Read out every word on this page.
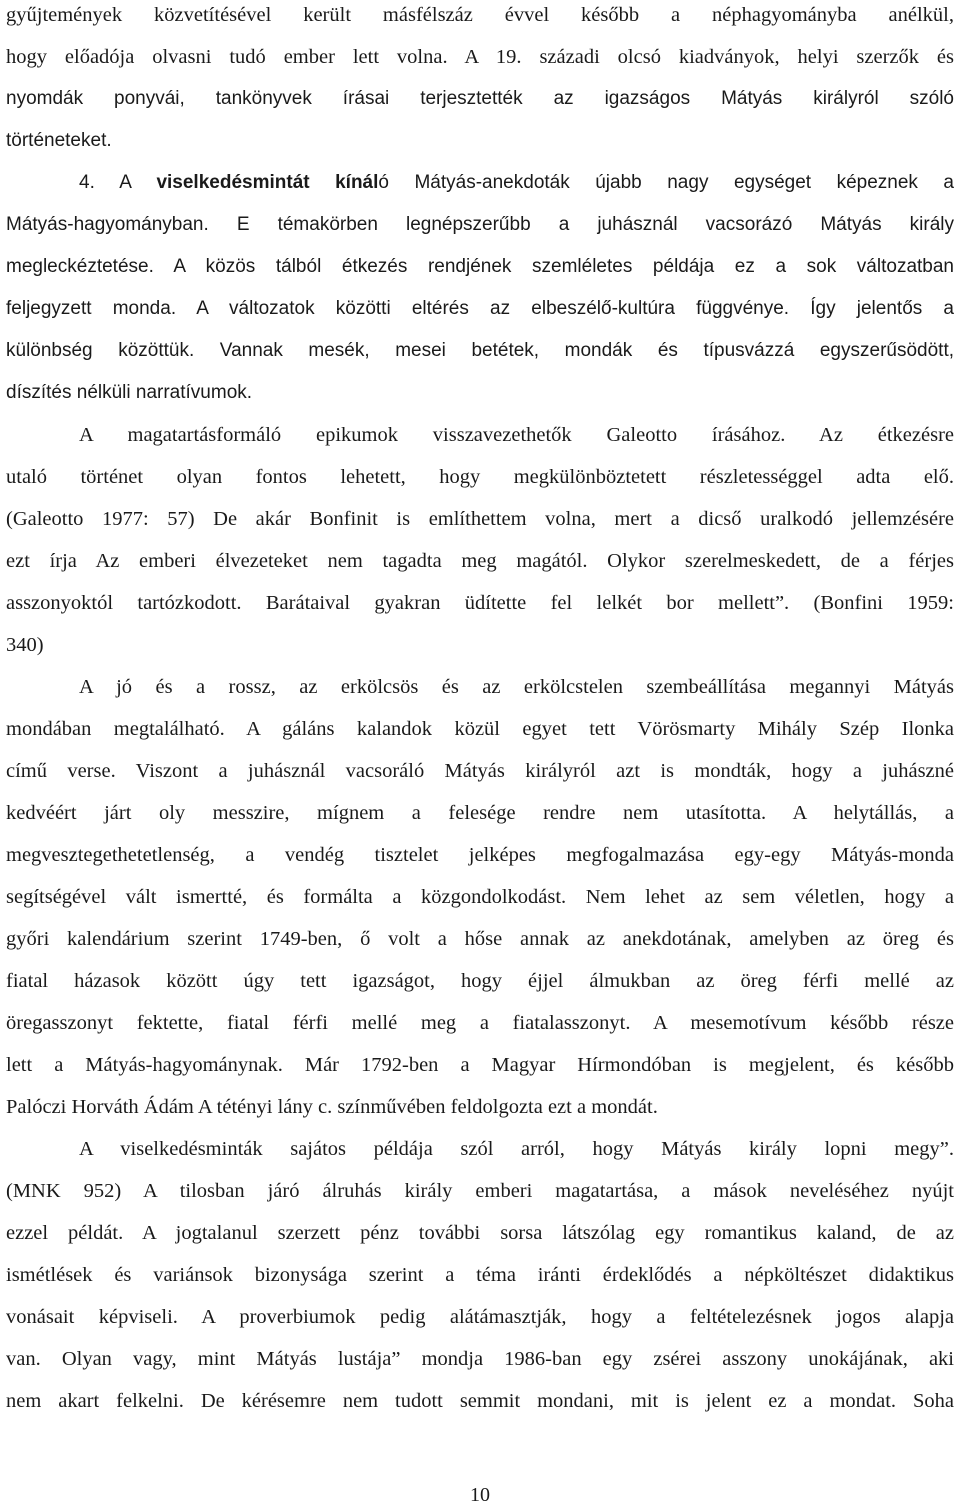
gyűjtemények közvetítésével került másfélszáz évvel később a néphagyományba anélkül,
hogy előadója olvasni tudó ember lett volna. A 19. századi olcsó kiadványok, helyi szerzők és
nyomdák ponyvái, tankönyvek írásai terjesztették az igazságos Mátyás királyról szóló
történeteket.
4. A viselkedésmintát kínáló Mátyás-anekdoták újabb nagy egységet képeznek a
Mátyás-hagyományban. E témakörben legnépszerűbb a juhásznál vacsorázó Mátyás király
megleckéztetése. A közös tálból étkezés rendjének szemléletes példája ez a sok változatban
feljegyzett monda. A változatok közötti eltérés az elbeszélő-kultúra függvénye. Így jelentős a
különbség közöttük. Vannak mesék, mesei betétek, mondák és típusvázzá egyszerűsödött,
díszítés nélküli narratívumok.
A magatartásformáló epikumok visszavezethetők Galeotto írásához. Az étkezésre
utaló történet olyan fontos lehetett, hogy megkülönböztetett részletességgel adta elő.
(Galeotto 1977: 57) De akár Bonfinit is említhettem volna, mert a dicső uralkodó jellemzésére
ezt írja Az emberi élvezeteket nem tagadta meg magától. Olykor szerelmeskedett, de a férjes
asszonyoktól tartózkodott. Barátaival gyakran üdítette fel lelkét bor mellett”. (Bonfini 1959:
340)
A jó és a rossz, az erkölcsös és az erkölcstelen szembeállítása megannyi Mátyás
mondában megtalálható. A gáláns kalandok közül egyet tett Vörösmarty Mihály Szép Ilonka
című verse. Viszont a juhásznál vacsoráló Mátyás királyról azt is mondták, hogy a juhászné
kedvéért járt oly messzire, mígnem a felesége rendre nem utasította. A helytállás, a
megvesztegethetetlenség, a vendég tisztelet jelképes megfogalmazása egy-egy Mátyás-monda
segítségével vált ismertté, és formálta a közgondolkodást. Nem lehet az sem véletlen, hogy a
győri kalendárium szerint 1749-ben, ő volt a hőse annak az anekdotának, amelyben az öreg és
fiatal házasok között úgy tett igazságot, hogy éjjel álmukban az öreg férfi mellé az
öregasszonyt fektette, fiatal férfi mellé meg a fiatalasszonyt. A mesemotívum később része
lett a Mátyás-hagyománynak. Már 1792-ben a Magyar Hírmondóban is megjelent, és később
Palóczi Horváth Ádám A tétényi lány c. színművében feldolgozta ezt a mondát.
A viselkedésminták sajátos példája szól arról, hogy Mátyás király lopni megy”.
(MNK 952) A tilosban járó álruhás király emberi magatartása, a mások neveléséhez nyújt
ezzel példát. A jogtalanul szerzett pénz további sorsa látszólag egy romantikus kaland, de az
ismétlések és variánsok bizonysága szerint a téma iránti érdeklődés a népköltészet didaktikus
vonásait képviseli. A proverbiumok pedig alátámasztják, hogy a feltételezésnek jogos alapja
van. Olyan vagy, mint Mátyás lustája” mondja 1986-ban egy zsérei asszony unokájának, aki
nem akart felkelni. De kérésemre nem tudott semmit mondani, mit is jelent ez a mondat. Soha
10
